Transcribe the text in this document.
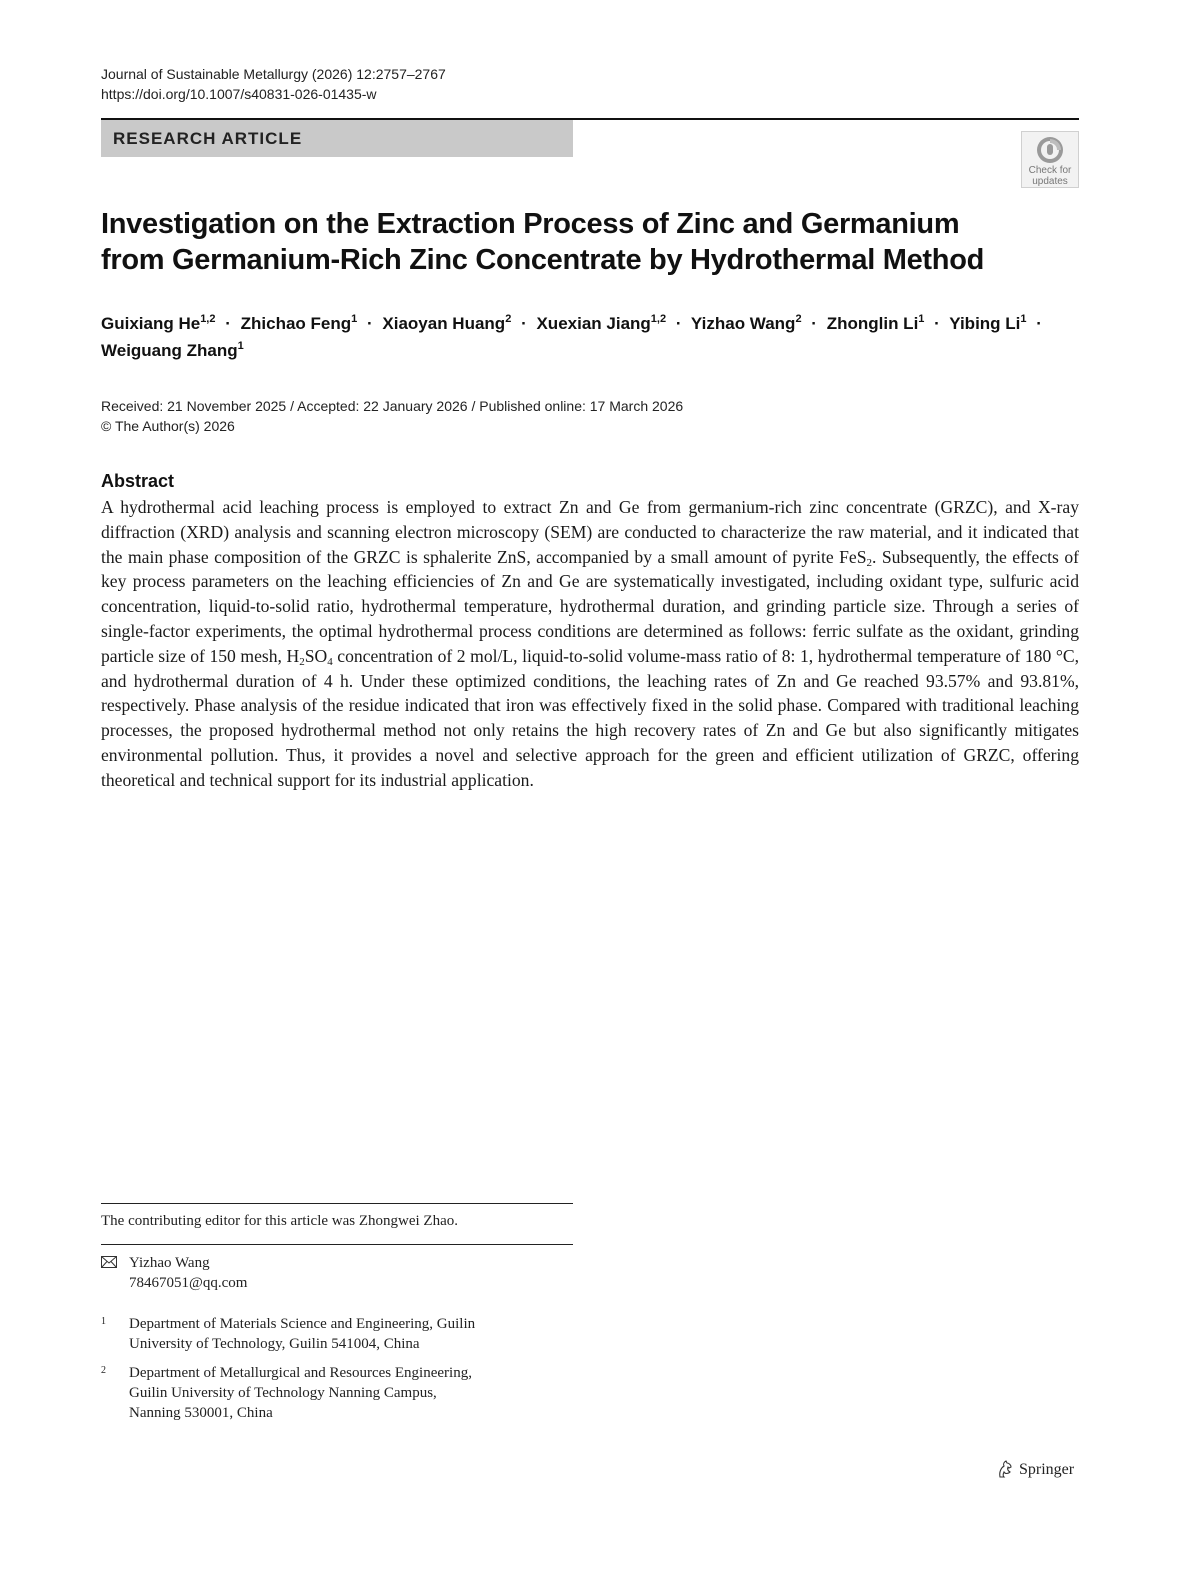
Journal of Sustainable Metallurgy (2026) 12:2757–2767
https://doi.org/10.1007/s40831-026-01435-w
RESEARCH ARTICLE
Check for
updates
Investigation on the Extraction Process of Zinc and Germanium
from Germanium-Rich Zinc Concentrate by Hydrothermal Method
Guixiang He$^{1,2}$ · Zhichao Feng$^1$ · Xiaoyan Huang$^2$ · Xuexian Jiang$^{1,2}$ · Yizhao Wang$^2$ · Zhonglin $Li^1$ · Yibing $Li^1$ ·
Weiguang Zhang$^1$
Received: 21 November 2025 / Accepted: 22 January 2026 / Published online: 17 March 2026
© The Author(s) 2026
Abstract
A hydrothermal acid leaching process is employed to extract Zn and Ge from germanium-rich zinc concentrate (GRZC), and X-ray diffraction (XRD) analysis and scanning electron microscopy (SEM) are conducted to characterize the raw material, and it indicated that the main phase composition of the GRZC is sphalerite ZnS, accompanied by a small amount of pyrite FeS$_2$. Subsequently, the effects of key process parameters on the leaching efficiencies of Zn and Ge are systematically investigated, including oxidant type, sulfuric acid concentration, liquid-to-solid ratio, hydrothermal temperature, hydrothermal duration, and grinding particle size. Through a series of single-factor experiments, the optimal hydrothermal process conditions are determined as follows: ferric sulfate as the oxidant, grinding particle size of 150 mesh, $H_2SO_4$ concentration of 2 mol/L, liquid-to-solid volume-mass ratio of 8: 1, hydrothermal temperature of 180 °C, and hydrothermal duration of 4 h. Under these optimized conditions, the leaching rates of Zn and Ge reached 93.57% and 93.81%, respectively. Phase analysis of the residue indicated that iron was effectively fixed in the solid phase. Compared with traditional leaching processes, the proposed hydrothermal method not only retains the high recovery rates of Zn and Ge but also significantly mitigates environmental pollution. Thus, it provides a novel and selective approach for the green and efficient utilization of GRZC, offering theoretical and technical support for its industrial application.
The contributing editor for this article was Zhongwei Zhao.
Yizhao Wang
78467051@qq.com
1 Department of Materials Science and Engineering, Guilin
University of Technology, Guilin 541004, China
2 Department of Metallurgical and Resources Engineering,
Guilin University of Technology Nanning Campus,
Nanning 530001, China
Springer
